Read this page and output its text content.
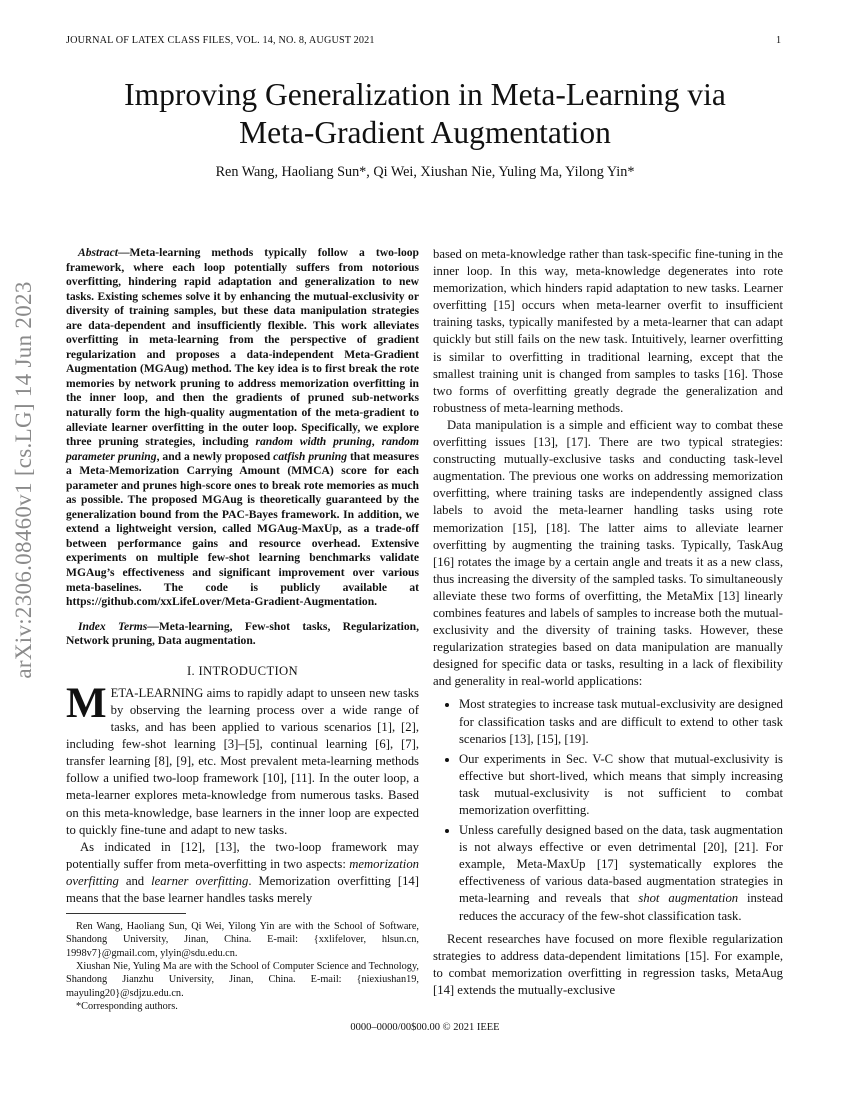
JOURNAL OF LATEX CLASS FILES, VOL. 14, NO. 8, AUGUST 2021	1
Improving Generalization in Meta-Learning via
Meta-Gradient Augmentation
Ren Wang, Haoliang Sun*, Qi Wei, Xiushan Nie, Yuling Ma, Yilong Yin*
arXiv:2306.08460v1 [cs.LG] 14 Jun 2023

Abstract—Meta-learning methods typically follow a two-loop framework, where each loop potentially suffers from notorious overfitting, hindering rapid adaptation and generalization to new tasks. Existing schemes solve it by enhancing the mutual-exclusivity or diversity of training samples, but these data manipulation strategies are data-dependent and insufficiently flexible. This work alleviates overfitting in meta-learning from the perspective of gradient regularization and proposes a data-independent Meta-Gradient Augmentation (MGAug) method. The key idea is to first break the rote memories by network pruning to address memorization overfitting in the inner loop, and then the gradients of pruned sub-networks naturally form the high-quality augmentation of the meta-gradient to alleviate learner overfitting in the outer loop. Specifically, we explore three pruning strategies, including random width pruning, random parameter pruning, and a newly proposed catfish pruning that measures a Meta-Memorization Carrying Amount (MMCA) score for each parameter and prunes high-score ones to break rote memories as much as possible. The proposed MGAug is theoretically guaranteed by the generalization bound from the PAC-Bayes framework. In addition, we extend a lightweight version, called MGAug-MaxUp, as a trade-off between performance gains and resource overhead. Extensive experiments on multiple few-shot learning benchmarks validate MGAug’s effectiveness and significant improvement over various meta-baselines. The code is publicly available at https://github.com/xxLifeLover/Meta-Gradient-Augmentation.

Index Terms—Meta-learning, Few-shot tasks, Regularization, Network pruning, Data augmentation.

I. INTRODUCTION

META-LEARNING aims to rapidly adapt to unseen new tasks by observing the learning process over a wide range of tasks, and has been applied to various scenarios [1], [2], including few-shot learning [3]–[5], continual learning [6], [7], transfer learning [8], [9], etc. Most prevalent meta-learning methods follow a unified two-loop framework [10], [11]. In the outer loop, a meta-learner explores meta-knowledge from numerous tasks. Based on this meta-knowledge, base learners in the inner loop are expected to quickly fine-tune and adapt to new tasks.

As indicated in [12], [13], the two-loop framework may potentially suffer from meta-overfitting in two aspects: memorization overfitting and learner overfitting. Memorization overfitting [14] means that the base learner handles tasks merely

Ren Wang, Haoliang Sun, Qi Wei, Yilong Yin are with the School of Software, Shandong University, Jinan, China. E-mail: {xxlifelover, hlsun.cn, 1998v7}@gmail.com, ylyin@sdu.edu.cn.

Xiushan Nie, Yuling Ma are with the School of Computer Science and Technology, Shandong Jianzhu University, Jinan, China. E-mail: {niexiushan19, mayuling20}@sdjzu.edu.cn.

*Corresponding authors.

based on meta-knowledge rather than task-specific fine-tuning in the inner loop. In this way, meta-knowledge degenerates into rote memorization, which hinders rapid adaptation to new tasks. Learner overfitting [15] occurs when meta-learner overfit to insufficient training tasks, typically manifested by a meta-learner that can adapt quickly but still fails on the new task. Intuitively, learner overfitting is similar to overfitting in traditional learning, except that the smallest training unit is changed from samples to tasks [16]. Those two forms of overfitting greatly degrade the generalization and robustness of meta-learning methods.

Data manipulation is a simple and efficient way to combat these overfitting issues [13], [17]. There are two typical strategies: constructing mutually-exclusive tasks and conducting task-level augmentation. The previous one works on addressing memorization overfitting, where training tasks are independently assigned class labels to avoid the meta-learner handling tasks using rote memorization [15], [18]. The latter aims to alleviate learner overfitting by augmenting the training tasks. Typically, TaskAug [16] rotates the image by a certain angle and treats it as a new class, thus increasing the diversity of the sampled tasks. To simultaneously alleviate these two forms of overfitting, the MetaMix [13] linearly combines features and labels of samples to increase both the mutual-exclusivity and the diversity of training tasks. However, these regularization strategies based on data manipulation are manually designed for specific data or tasks, resulting in a lack of flexibility and generality in real-world applications:

• Most strategies to increase task mutual-exclusivity are designed for classification tasks and are difficult to extend to other task scenarios [13], [15], [19].
• Our experiments in Sec. V-C show that mutual-exclusivity is effective but short-lived, which means that simply increasing task mutual-exclusivity is not sufficient to combat memorization overfitting.
• Unless carefully designed based on the data, task augmentation is not always effective or even detrimental [20], [21]. For example, Meta-MaxUp [17] systematically explores the effectiveness of various data-based augmentation strategies in meta-learning and reveals that shot augmentation instead reduces the accuracy of the few-shot classification task.

Recent researches have focused on more flexible regularization strategies to address data-dependent limitations [15]. For example, to combat memorization overfitting in regression tasks, MetaAug [14] extends the mutually-exclusive

0000–0000/00$00.00 © 2021 IEEE
